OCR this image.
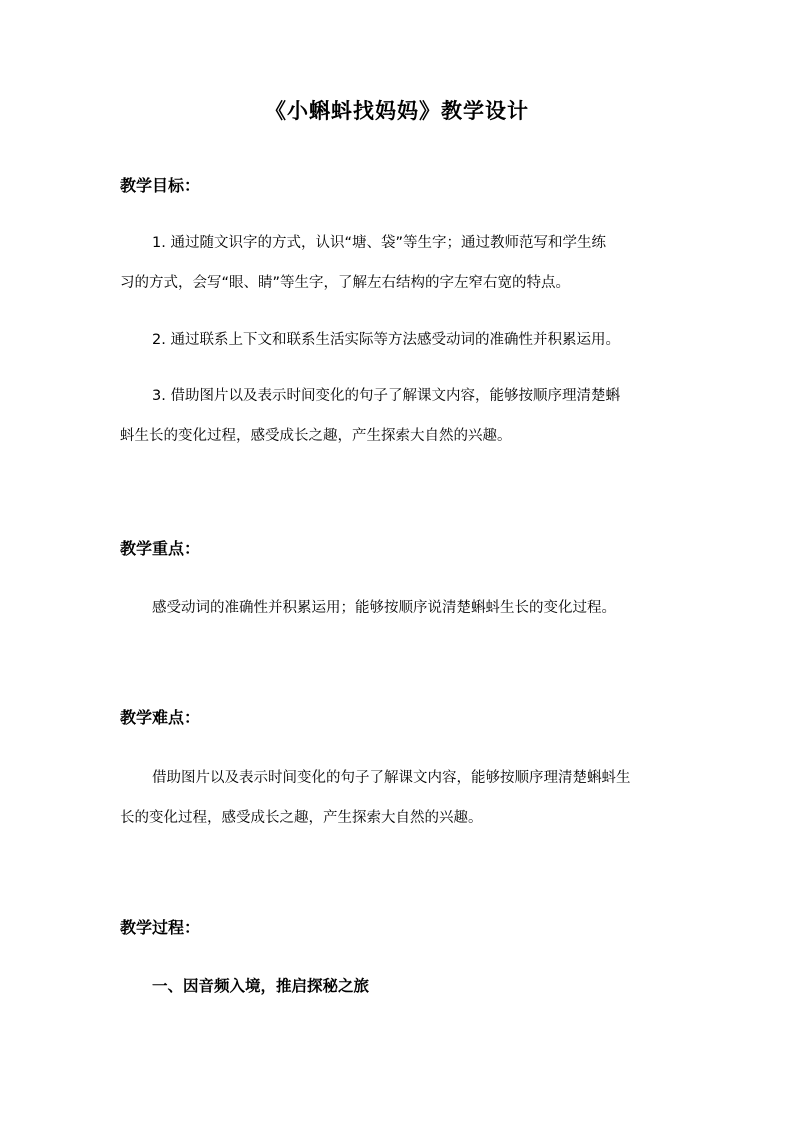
《小蝌蚪找妈妈》教学设计
教学目标：
1. 通过随文识字的方式，认识“塘、袋”等生字；通过教师范写和学生练
习的方式，会写“眼、睛”等生字，了解左右结构的字左窄右宽的特点。
2. 通过联系上下文和联系生活实际等方法感受动词的准确性并积累运用。
3. 借助图片以及表示时间变化的句子了解课文内容，能够按顺序理清楚蝌
蚪生长的变化过程，感受成长之趣，产生探索大自然的兴趣。
教学重点：
感受动词的准确性并积累运用；能够按顺序说清楚蝌蚪生长的变化过程。
教学难点：
借助图片以及表示时间变化的句子了解课文内容，能够按顺序理清楚蝌蚪生
长的变化过程，感受成长之趣，产生探索大自然的兴趣。
教学过程：
一、因音频入境，推启探秘之旅
